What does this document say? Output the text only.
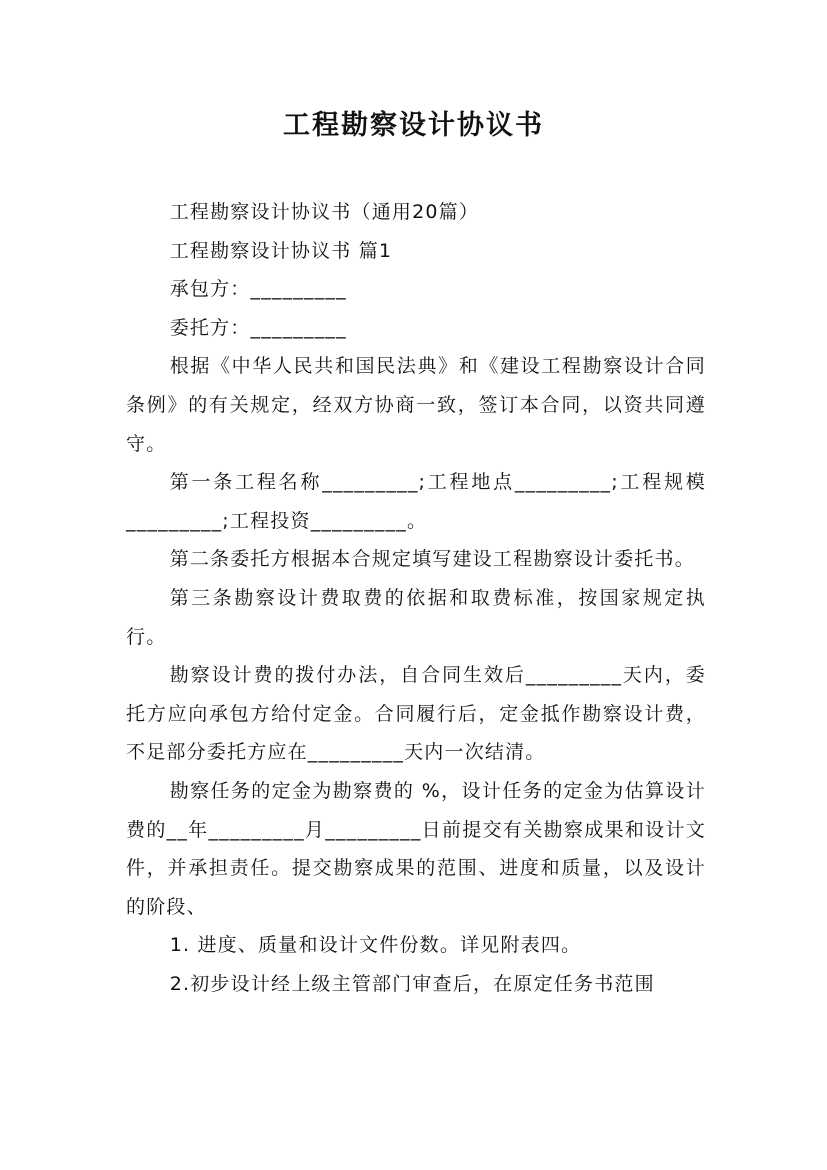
工程勘察设计协议书

工程勘察设计协议书（通用20篇）

工程勘察设计协议书 篇1

承包方：_________

委托方：_________

根据《中华人民共和国民法典》和《建设工程勘察设计合同条例》的有关规定，经双方协商一致，签订本合同，以资共同遵守。

第一条工程名称_________;工程地点_________;工程规模_________;工程投资_________。

第二条委托方根据本合规定填写建设工程勘察设计委托书。

第三条勘察设计费取费的依据和取费标准，按国家规定执行。

勘察设计费的拨付办法，自合同生效后_________天内，委托方应向承包方给付定金。合同履行后，定金抵作勘察设计费，不足部分委托方应在_________天内一次结清。

勘察任务的定金为勘察费的 %，设计任务的定金为估算设计费的__年_________月_________日前提交有关勘察成果和设计文件，并承担责任。提交勘察成果的范围、进度和质量，以及设计的阶段、

1. 进度、质量和设计文件份数。详见附表四。

2.初步设计经上级主管部门审查后，在原定任务书范围
